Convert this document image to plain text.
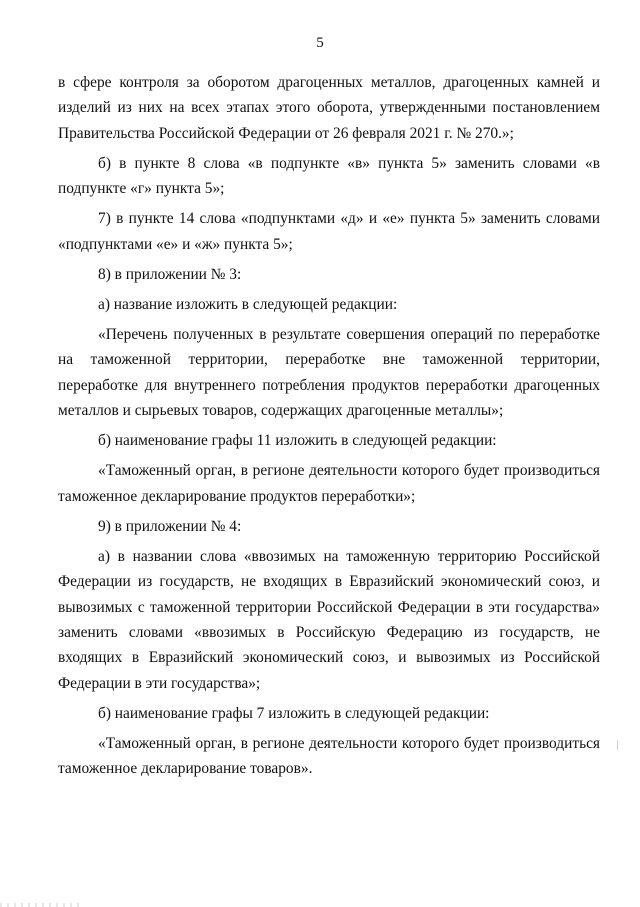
5

в сфере контроля за оборотом драгоценных металлов, драгоценных камней и изделий из них на всех этапах этого оборота, утвержденными постановлением Правительства Российской Федерации от 26 февраля 2021 г. № 270.»;

б) в пункте 8 слова «в подпункте «в» пункта 5» заменить словами «в подпункте «г» пункта 5»;

7) в пункте 14 слова «подпунктами «д» и «е» пункта 5» заменить словами «подпунктами «е» и «ж» пункта 5»;

8) в приложении № 3:

а) название изложить в следующей редакции:

«Перечень полученных в результате совершения операций по переработке на таможенной территории, переработке вне таможенной территории, переработке для внутреннего потребления продуктов переработки драгоценных металлов и сырьевых товаров, содержащих драгоценные металлы»;

б) наименование графы 11 изложить в следующей редакции:

«Таможенный орган, в регионе деятельности которого будет производиться таможенное декларирование продуктов переработки»;

9) в приложении № 4:

а) в названии слова «ввозимых на таможенную территорию Российской Федерации из государств, не входящих в Евразийский экономический союз, и вывозимых с таможенной территории Российской Федерации в эти государства» заменить словами «ввозимых в Российскую Федерацию из государств, не входящих в Евразийский экономический союз, и вывозимых из Российской Федерации в эти государства»;

б) наименование графы 7 изложить в следующей редакции:

«Таможенный орган, в регионе деятельности которого будет производиться таможенное декларирование товаров».
